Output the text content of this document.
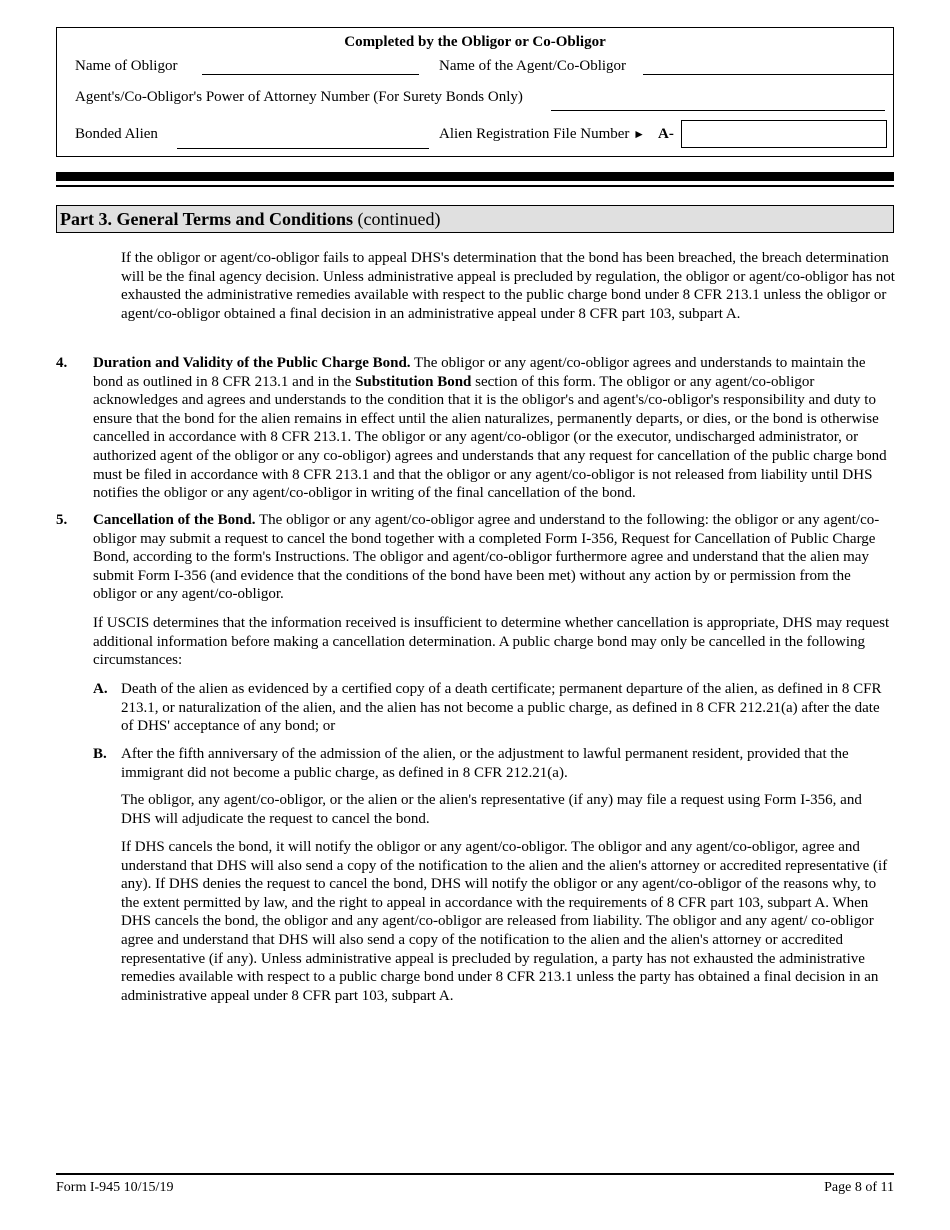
Completed by the Obligor or Co-Obligor
Name of Obligor	Name of the Agent/Co-Obligor
Agent's/Co-Obligor's Power of Attorney Number (For Surety Bonds Only)
Bonded Alien	Alien Registration File Number ► A-
Part 3. General Terms and Conditions (continued)
If the obligor or agent/co-obligor fails to appeal DHS's determination that the bond has been breached, the breach determination will be the final agency decision. Unless administrative appeal is precluded by regulation, the obligor or agent/co-obligor has not exhausted the administrative remedies available with respect to the public charge bond under 8 CFR 213.1 unless the obligor or agent/co-obligor obtained a final decision in an administrative appeal under 8 CFR part 103, subpart A.
4. Duration and Validity of the Public Charge Bond. The obligor or any agent/co-obligor agrees and understands to maintain the bond as outlined in 8 CFR 213.1 and in the Substitution Bond section of this form. The obligor or any agent/co-obligor acknowledges and agrees and understands to the condition that it is the obligor's and agent's/co-obligor's responsibility and duty to ensure that the bond for the alien remains in effect until the alien naturalizes, permanently departs, or dies, or the bond is otherwise cancelled in accordance with 8 CFR 213.1. The obligor or any agent/co-obligor (or the executor, undischarged administrator, or authorized agent of the obligor or any co-obligor) agrees and understands that any request for cancellation of the public charge bond must be filed in accordance with 8 CFR 213.1 and that the obligor or any agent/co-obligor is not released from liability until DHS notifies the obligor or any agent/co-obligor in writing of the final cancellation of the bond.
5. Cancellation of the Bond. The obligor or any agent/co-obligor agree and understand to the following: the obligor or any agent/co-obligor may submit a request to cancel the bond together with a completed Form I-356, Request for Cancellation of Public Charge Bond, according to the form's Instructions. The obligor and agent/co-obligor furthermore agree and understand that the alien may submit Form I-356 (and evidence that the conditions of the bond have been met) without any action by or permission from the obligor or any agent/co-obligor.
If USCIS determines that the information received is insufficient to determine whether cancellation is appropriate, DHS may request additional information before making a cancellation determination. A public charge bond may only be cancelled in the following circumstances:
A. Death of the alien as evidenced by a certified copy of a death certificate; permanent departure of the alien, as defined in 8 CFR 213.1, or naturalization of the alien, and the alien has not become a public charge, as defined in 8 CFR 212.21(a) after the date of DHS' acceptance of any bond; or
B. After the fifth anniversary of the admission of the alien, or the adjustment to lawful permanent resident, provided that the immigrant did not become a public charge, as defined in 8 CFR 212.21(a).
The obligor, any agent/co-obligor, or the alien or the alien's representative (if any) may file a request using Form I-356, and DHS will adjudicate the request to cancel the bond.
If DHS cancels the bond, it will notify the obligor or any agent/co-obligor. The obligor and any agent/co-obligor, agree and understand that DHS will also send a copy of the notification to the alien and the alien's attorney or accredited representative (if any). If DHS denies the request to cancel the bond, DHS will notify the obligor or any agent/co-obligor of the reasons why, to the extent permitted by law, and the right to appeal in accordance with the requirements of 8 CFR part 103, subpart A. When DHS cancels the bond, the obligor and any agent/co-obligor are released from liability. The obligor and any agent/ co-obligor agree and understand that DHS will also send a copy of the notification to the alien and the alien's attorney or accredited representative (if any). Unless administrative appeal is precluded by regulation, a party has not exhausted the administrative remedies available with respect to a public charge bond under 8 CFR 213.1 unless the party has obtained a final decision in an administrative appeal under 8 CFR part 103, subpart A.
Form I-945 10/15/19	Page 8 of 11
